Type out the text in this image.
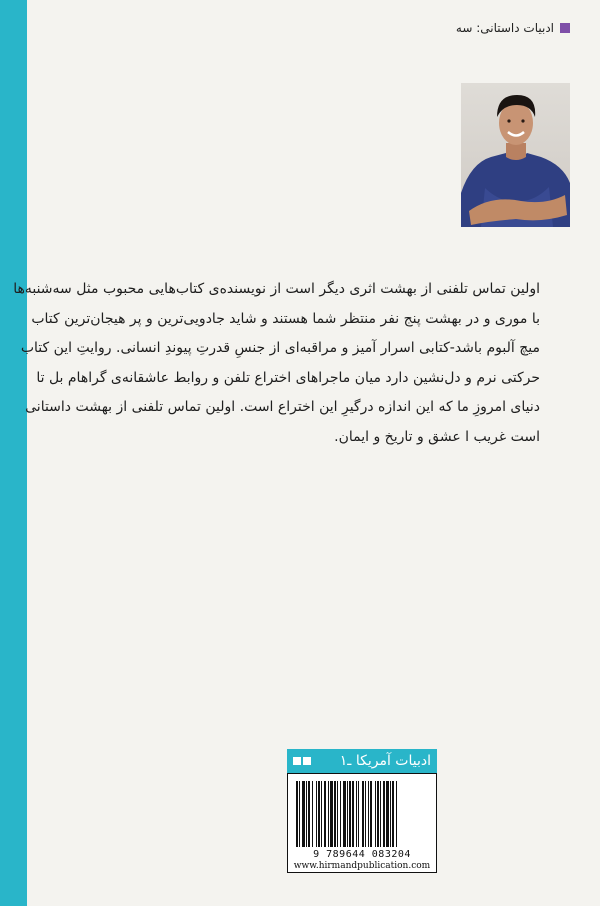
ادبیات داستانی: سه
اولین تماس تلفنی از بهشت اثری دیگر است از نویسنده‌ی کتاب‌هایی محبوب مثل سه‌شنبه‌ها
با موری و در بهشت پنج نفر منتظر شما هستند و شاید جادویی‌ترین و پر هیجان‌ترین کتاب
میچ آلبوم باشد-کتابی اسرار آمیز و مراقبه‌ای از جنسِ قدرتِ پیوندِ انسانی. روایتِ این کتاب
حرکتی نرم و دل‌نشین دارد میان ماجراهای اختراع تلفن و روابط عاشقانه‌ی گراهام بل تا
دنیای امروزِ ما که این اندازه درگیرِ این اختراع است. اولین تماس تلفنی از بهشت داستانی
است غریب ا عشق و تاریخ و ایمان.
ادبیات آمریکا ـ۱
9 789644 083204
www.hirmandpublication.com
